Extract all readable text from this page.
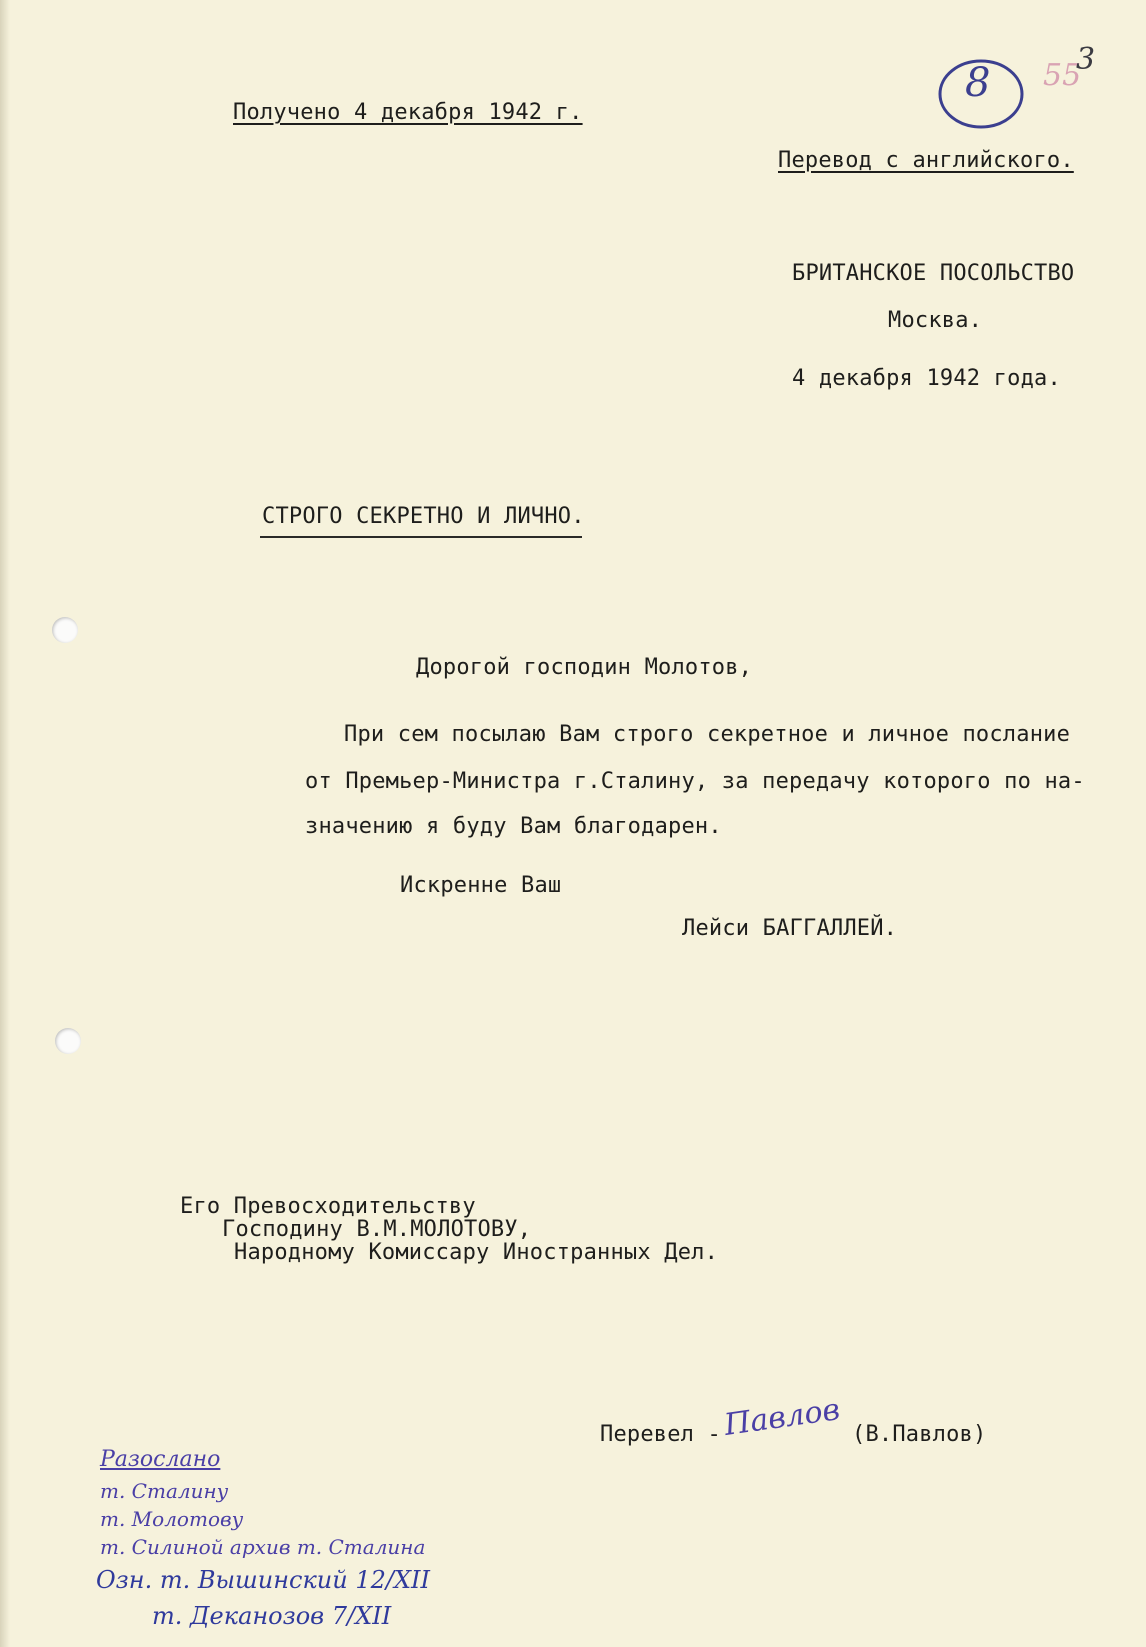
8 55
3
Получено 4 декабря 1942 г.
Перевод с английского.
БРИТАНСКОЕ ПОСОЛЬСТВО
Москва.
4 декабря 1942 года.
СТРОГО СЕКРЕТНО И ЛИЧНО.
Дорогой господин Молотов,
При сем посылаю Вам строго секретное и личное послание
от Премьер-Министра г.Сталину, за передачу которого по на-
значению я буду Вам благодарен.
Искренне Ваш
Лейси БАГГАЛЛЕЙ.
Его Превосходительству
Господину В.М.МОЛОТОВУ,
Народному Комиссару Иностранных Дел.
Перевел - Павлов (В.Павлов)
Разослано
т. Сталину
т. Молотову
т. Силиной архив т. Сталина
Озн. т. Вышинский 12/XII
т. Деканозов 7/XII
